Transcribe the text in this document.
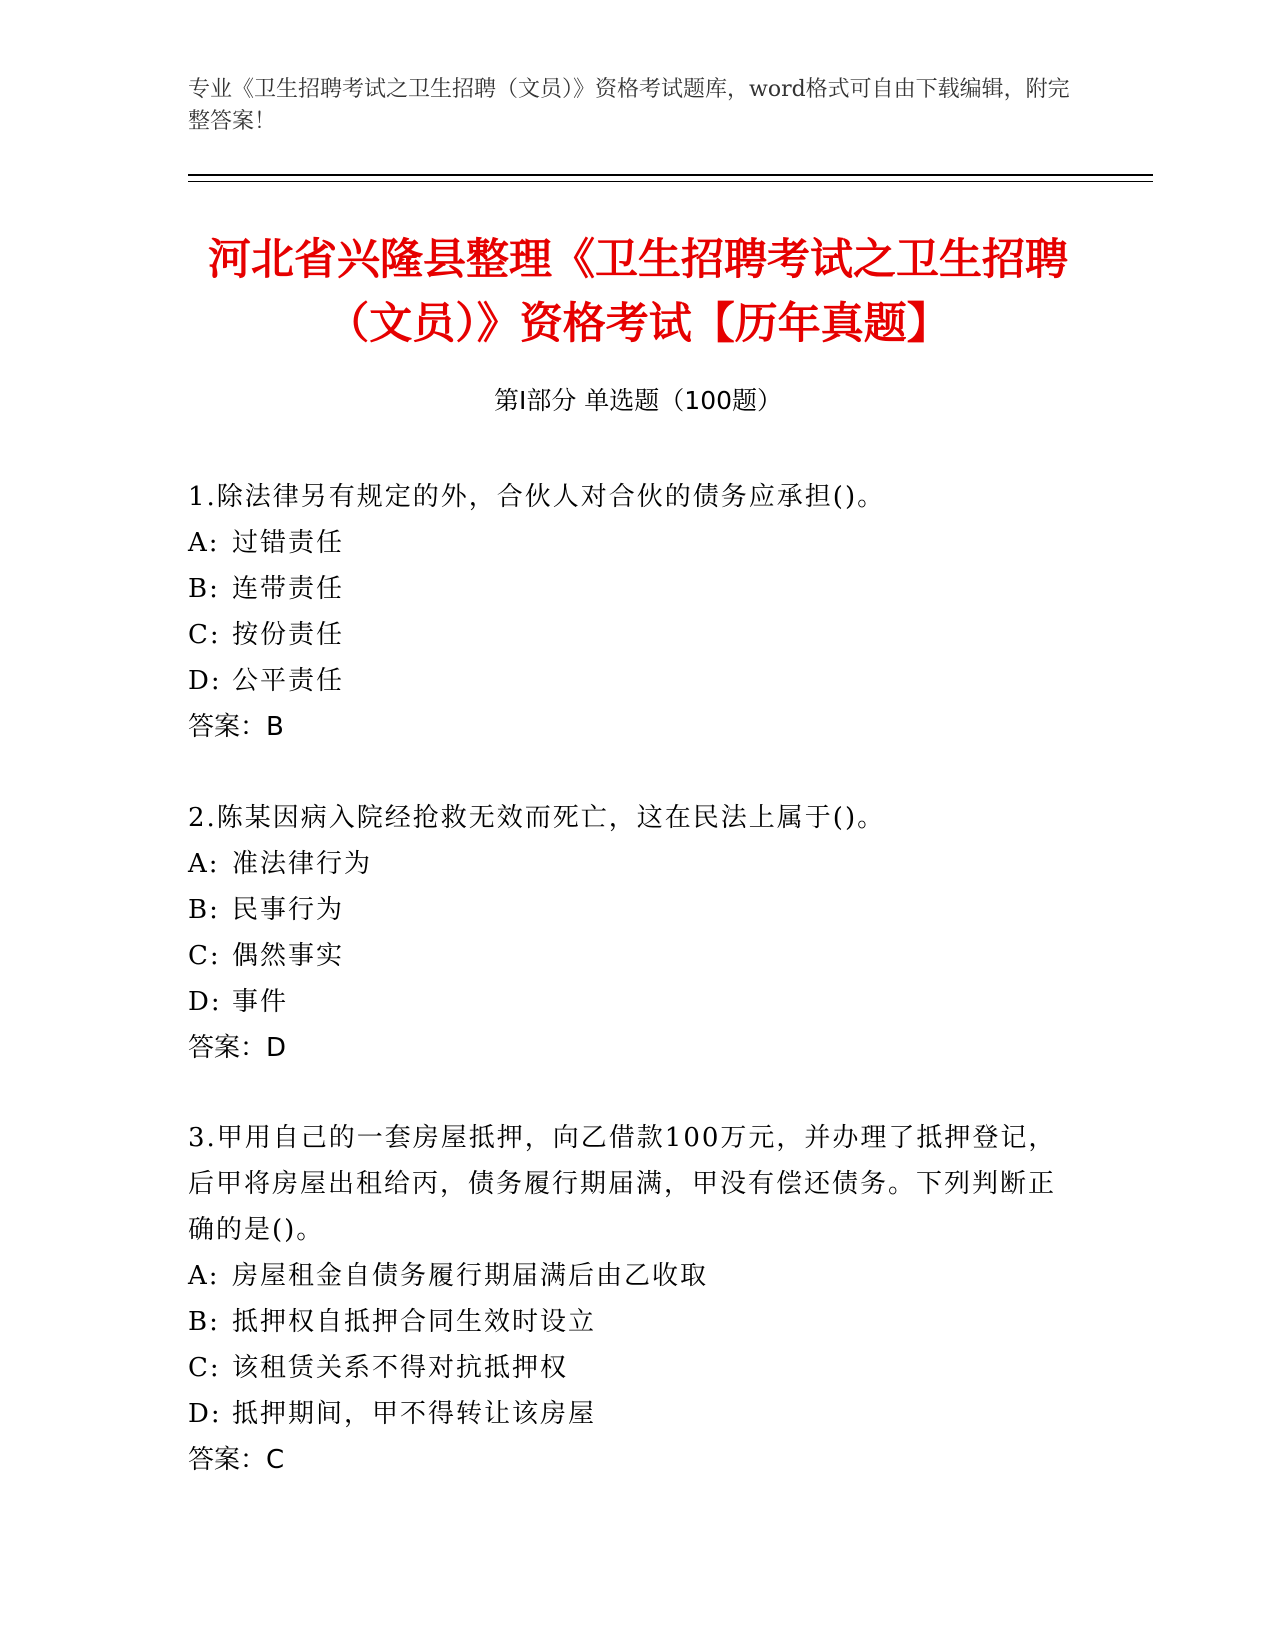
专业《卫生招聘考试之卫生招聘（文员）》资格考试题库，word格式可自由下载编辑，附完整答案！
河北省兴隆县整理《卫生招聘考试之卫生招聘（文员）》资格考试【历年真题】
第Ⅰ部分 单选题（100题）
1.除法律另有规定的外，合伙人对合伙的债务应承担()。
A: 过错责任
B: 连带责任
C: 按份责任
D: 公平责任
答案：B
2.陈某因病入院经抢救无效而死亡，这在民法上属于()。
A: 准法律行为
B: 民事行为
C: 偶然事实
D: 事件
答案：D
3.甲用自己的一套房屋抵押，向乙借款100万元，并办理了抵押登记，后甲将房屋出租给丙，债务履行期届满，甲没有偿还债务。下列判断正确的是()。
A: 房屋租金自债务履行期届满后由乙收取
B: 抵押权自抵押合同生效时设立
C: 该租赁关系不得对抗抵押权
D: 抵押期间，甲不得转让该房屋
答案：C
